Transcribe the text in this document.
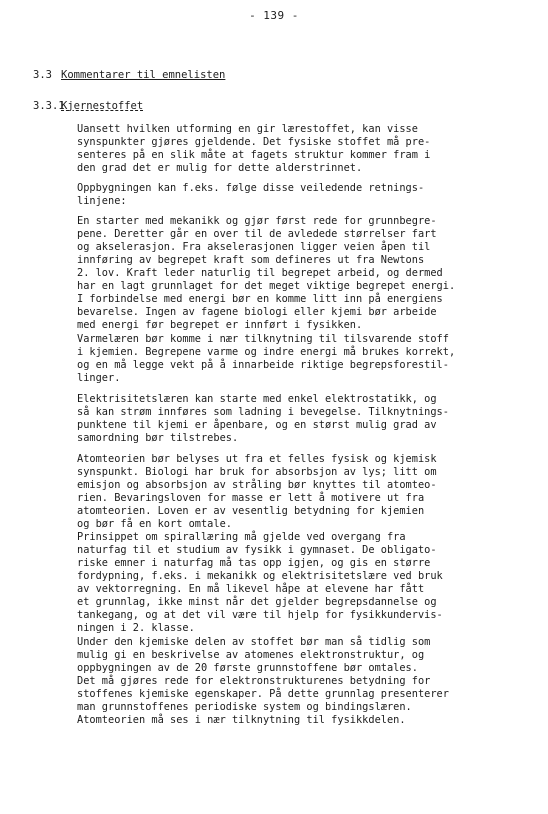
- 139 -
3.3 Kommentarer til emnelisten
3.3.1Kjernestoffet
Uansett hvilken utforming en gir lærestoffet, kan visse
synspunkter gjøres gjeldende. Det fysiske stoffet må pre-
senteres på en slik måte at fagets struktur kommer fram i
den grad det er mulig for dette alderstrinnet.
Oppbygningen kan f.eks. følge disse veiledende retnings-
linjene:
En starter med mekanikk og gjør først rede for grunnbegre-
pene. Deretter går en over til de avledede størrelser fart
og akselerasjon. Fra akselerasjonen ligger veien åpen til
innføring av begrepet kraft som defineres ut fra Newtons
2. lov. Kraft leder naturlig til begrepet arbeid, og dermed
har en lagt grunnlaget for det meget viktige begrepet energi.
I forbindelse med energi bør en komme litt inn på energiens
bevarelse. Ingen av fagene biologi eller kjemi bør arbeide
med energi før begrepet er innført i fysikken.
Varmelæren bør komme i nær tilknytning til tilsvarende stoff
i kjemien. Begrepene varme og indre energi må brukes korrekt,
og en må legge vekt på å innarbeide riktige begrepsforestil-
linger.
Elektrisitetslæren kan starte med enkel elektrostatikk, og
så kan strøm innføres som ladning i bevegelse. Tilknytnings-
punktene til kjemi er åpenbare, og en størst mulig grad av
samordning bør tilstrebes.
Atomteorien bør belyses ut fra et felles fysisk og kjemisk
synspunkt. Biologi har bruk for absorbsjon av lys; litt om
emisjon og absorbsjon av stråling bør knyttes til atomteo-
rien. Bevaringsloven for masse er lett å motivere ut fra
atomteorien. Loven er av vesentlig betydning for kjemien
og bør få en kort omtale.
Prinsippet om spirallæring må gjelde ved overgang fra
naturfag til et studium av fysikk i gymnaset. De obligato-
riske emner i naturfag må tas opp igjen, og gis en større
fordypning, f.eks. i mekanikk og elektrisitetslære ved bruk
av vektorregning. En må likevel håpe at elevene har fått
et grunnlag, ikke minst når det gjelder begrepsdannelse og
tankegang, og at det vil være til hjelp for fysikkundervis-
ningen i 2. klasse.
Under den kjemiske delen av stoffet bør man så tidlig som
mulig gi en beskrivelse av atomenes elektronstruktur, og
oppbygningen av de 20 første grunnstoffene bør omtales.
Det må gjøres rede for elektronstrukturenes betydning for
stoffenes kjemiske egenskaper. På dette grunnlag presenterer
man grunnstoffenes periodiske system og bindingslæren.
Atomteorien må ses i nær tilknytning til fysikkdelen.
